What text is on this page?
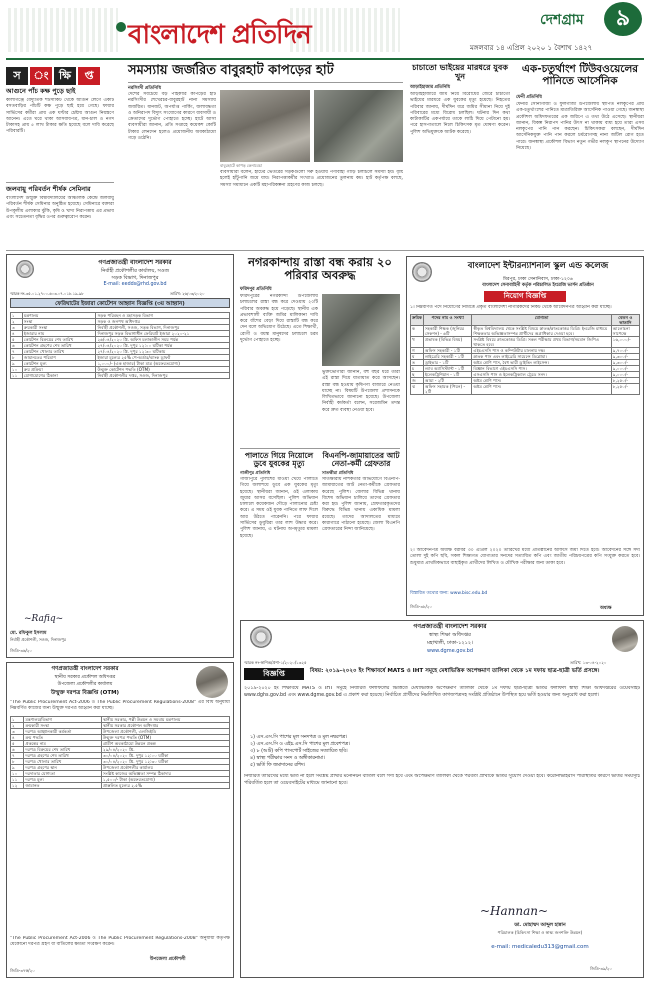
বাংলাদেশ প্রতিদিন	দেশগ্রাম	৯
মঙ্গলবার ১৪ এপ্রিল ২০২০ ১ বৈশাখ ১৪২৭
স ং ক্ষি প্ত
আগুনে পাঁচ কক্ষ পুড়ে ছাই
কালীগঞ্জে বৈদ্যুতিক শর্টসার্কিট থেকে আগুন লেগে একটি বসতবাড়ির পাঁচটি কক্ষ পুড়ে ছাই হয়ে গেছে। ফায়ার সার্ভিসের কর্মীরা প্রায় এক ঘণ্টার চেষ্টায় আগুন নিয়ন্ত্রণে আনেন। এতে ঘরে থাকা আসবাবপত্র, ধান-চাল ও নগদ টাকাসহ প্রায় ৫ লাখ টাকার ক্ষতি হয়েছে বলে দাবি করেছে পরিবারটি।
জলবায়ু পরিবর্তন শীর্ষক সেমিনার
বাংলাদেশ উন্মুক্ত বিশ্ববিদ্যালয়ের আঞ্চলিক কেন্দ্রে জলবায়ু পরিবর্তন শীর্ষক সেমিনার অনুষ্ঠিত হয়েছে। সেমিনারে বক্তারা উপকূলীয় এলাকার ঝুঁকি, কৃষি ও খাদ্য নিরাপত্তায় এর প্রভাব এবং সচেতনতা বৃদ্ধির ওপর গুরুত্বারোপ করেন।
সমস্যায় জর্জরিত বাবুরহাট কাপড়ের হাট
নরসিংদী প্রতিনিধি
দেশের সবচেয়ে বড় পাইকারি কাপড়ের হাট নরসিংদীর শেখেরচর-বাবুরহাট নানা সমস্যায় জর্জরিত। যানজট, অপর্যাপ্ত পার্কিং, জলাবদ্ধতা ও অনিরাপদ বিদ্যুৎ সংযোগের কারণে ব্যবসায়ী ও ক্রেতাদের দুর্ভোগ পোহাতে হচ্ছে। হাটে আসা ব্যবসায়ীরা জানান, প্রতি সপ্তাহে কয়েকশ কোটি টাকার লেনদেন হলেও প্রয়োজনীয় অবকাঠামো গড়ে ওঠেনি।
বাবুরহাটে কাপড় কেনাবেচা
ব্যবসায়ীরা বলেন, হাটের ভেতরের সড়কগুলো সরু হওয়ায় পণ্যবাহী গাড়ি চলাচলে সমস্যা হয়। বৃষ্টি হলেই হাঁটুপানি জমে যায়। নিরাপত্তাকর্মীর সংখ্যাও প্রয়োজনের তুলনায় কম। হাট কর্তৃপক্ষ বলছে, সমস্যা সমাধানে একটি মহাপরিকল্পনা গ্রহণের কাজ চলছে।
চাচাতো ভাইয়ের মারধরে যুবক খুন
আড়াইহাজার প্রতিনিধি
আড়াইহাজারে জমি নিয়ে বিরোধের জেরে চাচাতো ভাইয়ের মারধরে এক যুবকের মৃত্যু হয়েছে। নিহতের পরিবার জানায়, দীর্ঘদিন ধরে জমির সীমানা নিয়ে দুই পরিবারের মধ্যে বিরোধ চলছিল। ঘটনার দিন কথা কাটাকাটির একপর্যায়ে তাকে লাঠি দিয়ে পেটানো হয়। পরে হাসপাতালে নিলে চিকিৎসক মৃত ঘোষণা করেন। পুলিশ অভিযুক্তকে আটক করেছে।
এক-চতুর্থাংশ টিউবওয়েলের পানিতে আর্সেনিক
ফেনী প্রতিনিধি
ফেনীর সোনাগাজী ও ফুলগাজী উপজেলায় স্থাপিত নলকূপের প্রায় এক-চতুর্থাংশের পানিতে মাত্রাতিরিক্ত আর্সেনিক পাওয়া গেছে। জনস্বাস্থ্য প্রকৌশল অধিদফতরের এক জরিপে এ তথ্য উঠে এসেছে। স্থানীয়রা জানান, বিকল্প নিরাপদ পানির উৎস না থাকায় বাধ্য হয়ে তারা এসব নলকূপের পানি পান করছেন। চিকিৎসকরা বলছেন, দীর্ঘদিন আর্সেনিকযুক্ত পানি পান করলে চর্মরোগসহ নানা জটিল রোগ হতে পারে। জনস্বাস্থ্য প্রকৌশল বিভাগ নতুন গভীর নলকূপ স্থাপনের উদ্যোগ নিয়েছে।
গণপ্রজাতন্ত্রী বাংলাদেশ সরকার
নির্বাহী প্রকৌশলীর কার্যালয়, সওজ
সড়ক বিভাগ, দিনাজপুর
E-mail: eedds@rhd.gov.bd
স্মারক নং-৩৫.০১.২৭০০.৬০৩.০৭.০১৮.১৯-৯৮	তারিখ: ২৬/০৩/২০২০
ফেরিঘাটের ইজারা কোটেশন আহ্বান বিজ্ঞপ্তি (৩য় আহ্বান)
১	মন্ত্রণালয়	সড়ক পরিবহন ও মহাসড়ক বিভাগ
২	সংস্থা	সড়ক ও জনপথ অধিদপ্তর
৩	ক্রয়কারী সংস্থা	নির্বাহী প্রকৌশলী, সওজ, সড়ক বিভাগ, দিনাজপুর
৪	ইজারার নাম	দিনাজপুর সড়ক বিভাগাধীন ফেরিঘাট ইজারা ২০২০-২১
৫	কোটেশন বিক্রয়ের শেষ তারিখ	২৬/০৪/২০২০ খ্রি. অফিস চলাকালীন সময় পর্যন্ত
৬	কোটেশন গ্রহণের শেষ তারিখ	২৭/০৪/২০২০ খ্রি. দুপুর ১২:০০ ঘটিকা পর্যন্ত
৭	কোটেশন খোলার তারিখ	২৭/০৪/২০২০ খ্রি. দুপুর ১২:৩০ ঘটিকায়
৮	জামানতের পরিমাণ	ইজারা মূল্যের ২৫% পে-অর্ডার/ব্যাংক ড্রাফট
৯	কোটেশন মূল্য	১,০০০/- (এক হাজার) টাকা মাত্র (অফেরতযোগ্য)
১০	ক্রয় প্রক্রিয়া	উন্মুক্ত কোটেশন পদ্ধতি (OTM)
১১	যোগাযোগের ঠিকানা	নির্বাহী প্রকৌশলীর দপ্তর, সওজ, দিনাজপুর
~Rafiq~
মো. রফিকুল ইসলাম
নির্বাহী প্রকৌশলী, সওজ, দিনাজপুর
জিডি-৩৬/২০
গণপ্রজাতন্ত্রী বাংলাদেশ সরকার
স্থানীয় সরকার প্রকৌশল অধিদপ্তর
উপজেলা প্রকৌশলীর কার্যালয়
উন্মুক্ত দরপত্র বিজ্ঞপ্তি (OTM)
"The Public Procurement Act-2006 ও The Public Procurement Regulations-2008" এর বিধি অনুযায়ী নিম্নবর্ণিত কাজের জন্য উন্মুক্ত দরপত্র আহ্বান করা যাচ্ছে।
১	মন্ত্রণালয়/বিভাগ	স্থানীয় সরকার, পল্লী উন্নয়ন ও সমবায় মন্ত্রণালয়
২	ক্রয়কারী সংস্থা	স্থানীয় সরকার প্রকৌশল অধিদপ্তর
৩	দরপত্র আহ্বানকারী কর্মকর্তা	উপজেলা প্রকৌশলী, এলজিইডি
৪	ক্রয় পদ্ধতি	উন্মুক্ত দরপত্র পদ্ধতি (OTM)
৫	প্রকল্পের নাম	গ্রামীণ অবকাঠামো উন্নয়ন প্রকল্প
৬	দরপত্র বিক্রয়ের শেষ তারিখ	২৯/০৪/২০২০ খ্রি.
৭	দরপত্র গ্রহণের শেষ তারিখ	৩০/০৪/২০২০ খ্রি. দুপুর ১২:০০ ঘটিকা
৮	দরপত্র খোলার তারিখ	৩০/০৪/২০২০ খ্রি. দুপুর ১২:৩০ ঘটিকা
৯	দরপত্র গ্রহণের স্থান	উপজেলা প্রকৌশলীর কার্যালয়
১০	দরদাতার যোগ্যতা	সংশ্লিষ্ট কাজের অভিজ্ঞতা সম্পন্ন ঠিকাদার
১১	দরপত্র মূল্য	১,৫০০/- টাকা (অফেরতযোগ্য)
১২	জামানত	প্রাক্কলিত মূল্যের ২.৫%
"The Public Procurement Act-2006 ও The Public Procurement Regulations-2008" অনুযায়ী কর্তৃপক্ষ যেকোনো দরপত্র গ্রহণ বা বাতিলের ক্ষমতা সংরক্ষণ করেন।
উপজেলা প্রকৌশলী
জিডি-৩৭ক/২০
নগরকান্দায় রাস্তা বন্ধ করায় ২০ পরিবার অবরুদ্ধ
ফরিদপুর প্রতিনিধি
ফরিদপুরের নগরকান্দা উপজেলায় চলাচলের রাস্তা বন্ধ করে দেওয়ায় ২০টি পরিবার অবরুদ্ধ হয়ে পড়েছে। স্থানীয় এক প্রভাবশালী ব্যক্তি জমির মালিকানা দাবি করে বাঁশের বেড়া দিয়ে রাস্তাটি বন্ধ করে দেন বলে অভিযোগ উঠেছে। এতে শিক্ষার্থী, রোগী ও বয়স্ক মানুষদের চলাচলে চরম দুর্ভোগ পোহাতে হচ্ছে।
ভুক্তভোগীরা জানান, বহু বছর ধরে তারা এই রাস্তা দিয়ে যাতায়াত করে আসছেন। রাস্তা বন্ধ হওয়ায় কৃষিপণ্য বাজারে নেওয়া যাচ্ছে না। বিষয়টি উপজেলা প্রশাসনকে লিখিতভাবে জানানো হয়েছে। উপজেলা নির্বাহী কর্মকর্তা বলেন, সরেজমিন তদন্ত করে দ্রুত ব্যবস্থা নেওয়া হবে।
পালাতে গিয়ে নিয়োলে ডুবে যুবকের মৃত্যু
গাজীপুর প্রতিনিধি
গাজীপুরে পুলিশের ধাওয়া খেয়ে পালাতে গিয়ে জলাশয়ে ডুবে এক যুবকের মৃত্যু হয়েছে। স্থানীয়রা জানান, ওই এলাকায় জুয়ার আসর বসেছিল। পুলিশ অভিযান চালালে কয়েকজন দৌড়ে পালানোর চেষ্টা করে। এ সময় ওই যুবক পানিতে লাফ দিলে আর উঠতে পারেননি। পরে ফায়ার সার্ভিসের ডুবুরিরা তার লাশ উদ্ধার করে। পুলিশ জানায়, এ ঘটনায় অপমৃত্যুর মামলা হয়েছে।
বিএনপি-জামায়াতের আট নেতা-কর্মী গ্রেফতার
সাতক্ষীরা প্রতিনিধি
সাতক্ষীরায় নাশকতার অভিযোগে বিএনপি-জামায়াতের আট নেতা-কর্মীকে গ্রেফতার করেছে পুলিশ। জেলার বিভিন্ন থানায় বিশেষ অভিযান চালিয়ে তাদের গ্রেফতার করা হয়। পুলিশ জানায়, গ্রেফতারকৃতদের বিরুদ্ধে বিভিন্ন থানায় একাধিক মামলা রয়েছে। তাদের আদালতের মাধ্যমে কারাগারে পাঠানো হয়েছে। জেলা বিএনপি গ্রেফতারের নিন্দা জানিয়েছে।
বাংলাদেশ ইন্টারন্যাশনাল স্কুল এন্ড কলেজ
মিরপুর, ঢাকা সেনানিবাস, ঢাকা-১২০৬
বাংলাদেশ সেনাবাহিনী কর্তৃক পরিচালিত ইংরেজি ভার্সন প্রতিষ্ঠান
নিয়োগ বিজ্ঞপ্তি
১। নিম্নবর্ণিত পদে নিয়োগের নিমিত্তে প্রকৃত বাংলাদেশী নাগরিকদের নিকট থেকে আবেদনপত্র আহ্বান করা যাচ্ছে।
ক্রমিক	পদের নাম ও সংখ্যা	যোগ্যতা	বেতন ও ভাতাদি
ক	সহকারী শিক্ষক (জুনিয়র সেকশন) - ৬টি	স্বীকৃত বিশ্ববিদ্যালয় থেকে সংশ্লিষ্ট বিষয়ে স্নাতক/স্নাতকোত্তর ডিগ্রি। ইংরেজি মাধ্যমে শিক্ষকতার অভিজ্ঞতাসম্পন্ন প্রার্থীদের অগ্রাধিকার দেওয়া হবে।	আলোচনা সাপেক্ষে
খ	প্রভাষক (বিভিন্ন বিষয়)	সংশ্লিষ্ট বিষয়ে স্নাতকোত্তর ডিগ্রি। সকল পরীক্ষায় প্রথম বিভাগ/সমমান জিপিএ থাকতে হবে।	১৬,০০০/-
গ	অফিস সহকারী - ১টি	এইচএসসি পাস ও কম্পিউটার চালনায় দক্ষ।	৯,৭০০/-
ঘ	লাইব্রেরি সহকারী - ১টি	স্নাতক পাস এবং লাইব্রেরি সায়েন্সে ডিপ্লোমা।	৯,৩০০/-
ঙ	ড্রাইভার - ১টি	অষ্টম শ্রেণি পাস, বৈধ ভারী ড্রাইভিং লাইসেন্স।	৯,৩০০/-
চ	ল্যাব অ্যাসিস্ট্যান্ট - ১টি	বিজ্ঞান বিভাগে এইচএসসি পাস।	৯,০০০/-
ছ	ইলেকট্রিশিয়ান - ১টি	এসএসসি পাস ও ইলেকট্রিক্যাল ট্রেডে সনদ।	৯,০০০/-
জ	আয়া - ২টি	অষ্টম শ্রেণি পাস।	৮,২৫০/-
ঝ	অফিস সহায়ক (পিয়ন) - ২টি	অষ্টম শ্রেণি পাস।	৮,২৫০/-
২। আবেদনপত্র অধ্যক্ষ বরাবর ৩০ এপ্রিল ২০২০ তারিখের মধ্যে প্রতিষ্ঠানের অফিসে জমা দিতে হবে। আবেদনের সঙ্গে সদ্য তোলা দুই কপি ছবি, সকল শিক্ষাগত যোগ্যতার সনদের সত্যায়িত কপি এবং জাতীয় পরিচয়পত্রের কপি সংযুক্ত করতে হবে। শুধুমাত্র প্রাথমিকভাবে বাছাইকৃত প্রার্থীদের লিখিত ও মৌখিক পরীক্ষার জন্য ডাকা হবে।
বিস্তারিত তথ্যের জন্য: www.bisc.edu.bd
অধ্যক্ষ
জিডি-৩৮/২০
গণপ্রজাতন্ত্রী বাংলাদেশ সরকার
স্বাস্থ্য শিক্ষা অধিদপ্তর
মহাখালী, ঢাকা-১২১২।
www.dgme.gov.bd
স্মারক নং-স্বাশিঅ/প্রশা-১/২০২০/১৩২৫	তারিখ: ১৩-০৪-২০২০
বিজ্ঞপ্তি	বিষয়: ২০১৯-২০২০ ইং শিক্ষাবর্ষে MATS ও IHT সমূহে মেধাভিত্তিক অপেক্ষমাণ তালিকা থেকে ১ম দফায় ছাত্র-ছাত্রী ভর্তি প্রসঙ্গে।
২০১৯-২০২০ ইং শিক্ষাবর্ষে MATS ও IHT সমূহে নির্ধারিত ফলাফলের ভিত্তিতে মেধাভিত্তিক অপেক্ষমাণ তালিকা থেকে ১ম দফায় ছাত্র-ছাত্রী ভর্তির ফলাফল স্বাস্থ্য শিক্ষা অধিদপ্তরের ওয়েবসাইট www.dghs.gov.bd এবং www.dgme.gov.bd এ প্রকাশ করা হয়েছে। নির্বাচিত প্রার্থীদের নিম্নলিখিত কাগজপত্রসহ সংশ্লিষ্ট প্রতিষ্ঠানে উপস্থিত হয়ে ভর্তি হওয়ার জন্য অনুরোধ করা হলো।
১) এস.এস.সি পাশের মূল সনদপত্র ও মূল নম্বরপত্র।
২) এস.এস.সি ও এইচ.এস.সি পাশের মূল প্রবেশপত্র।
৩) ৮ (আট) কপি পাসপোর্ট সাইজের সত্যায়িত ছবি।
৪) স্বাস্থ্য পরীক্ষার সনদ ও অঙ্গীকারনামা।
৫) ভর্তি ফি জমাদানের রশিদ।
নির্ধারিত তারিখের মধ্যে ভর্তি না হলে সংশ্লিষ্ট প্রার্থীর মনোনয়ন বাতিল বলে গণ্য হবে এবং অপেক্ষমাণ তালিকা থেকে পরবর্তী প্রার্থীকে ভর্তির সুযোগ দেওয়া হবে। করোনাভাইরাস পরিস্থিতির কারণে ভর্তির সময়সূচি পরিবর্তিত হলে তা ওয়েবসাইটের মাধ্যমে জানানো হবে।
~Hannan~
ডা. মোহাম্মদ আব্দুল হান্নান
পরিচালক (চিকিৎসা শিক্ষা ও স্বাস্থ্য জনশক্তি উন্নয়ন)
e-mail: medicaledu313@gmail.com
জিডি-৩৯/২০
